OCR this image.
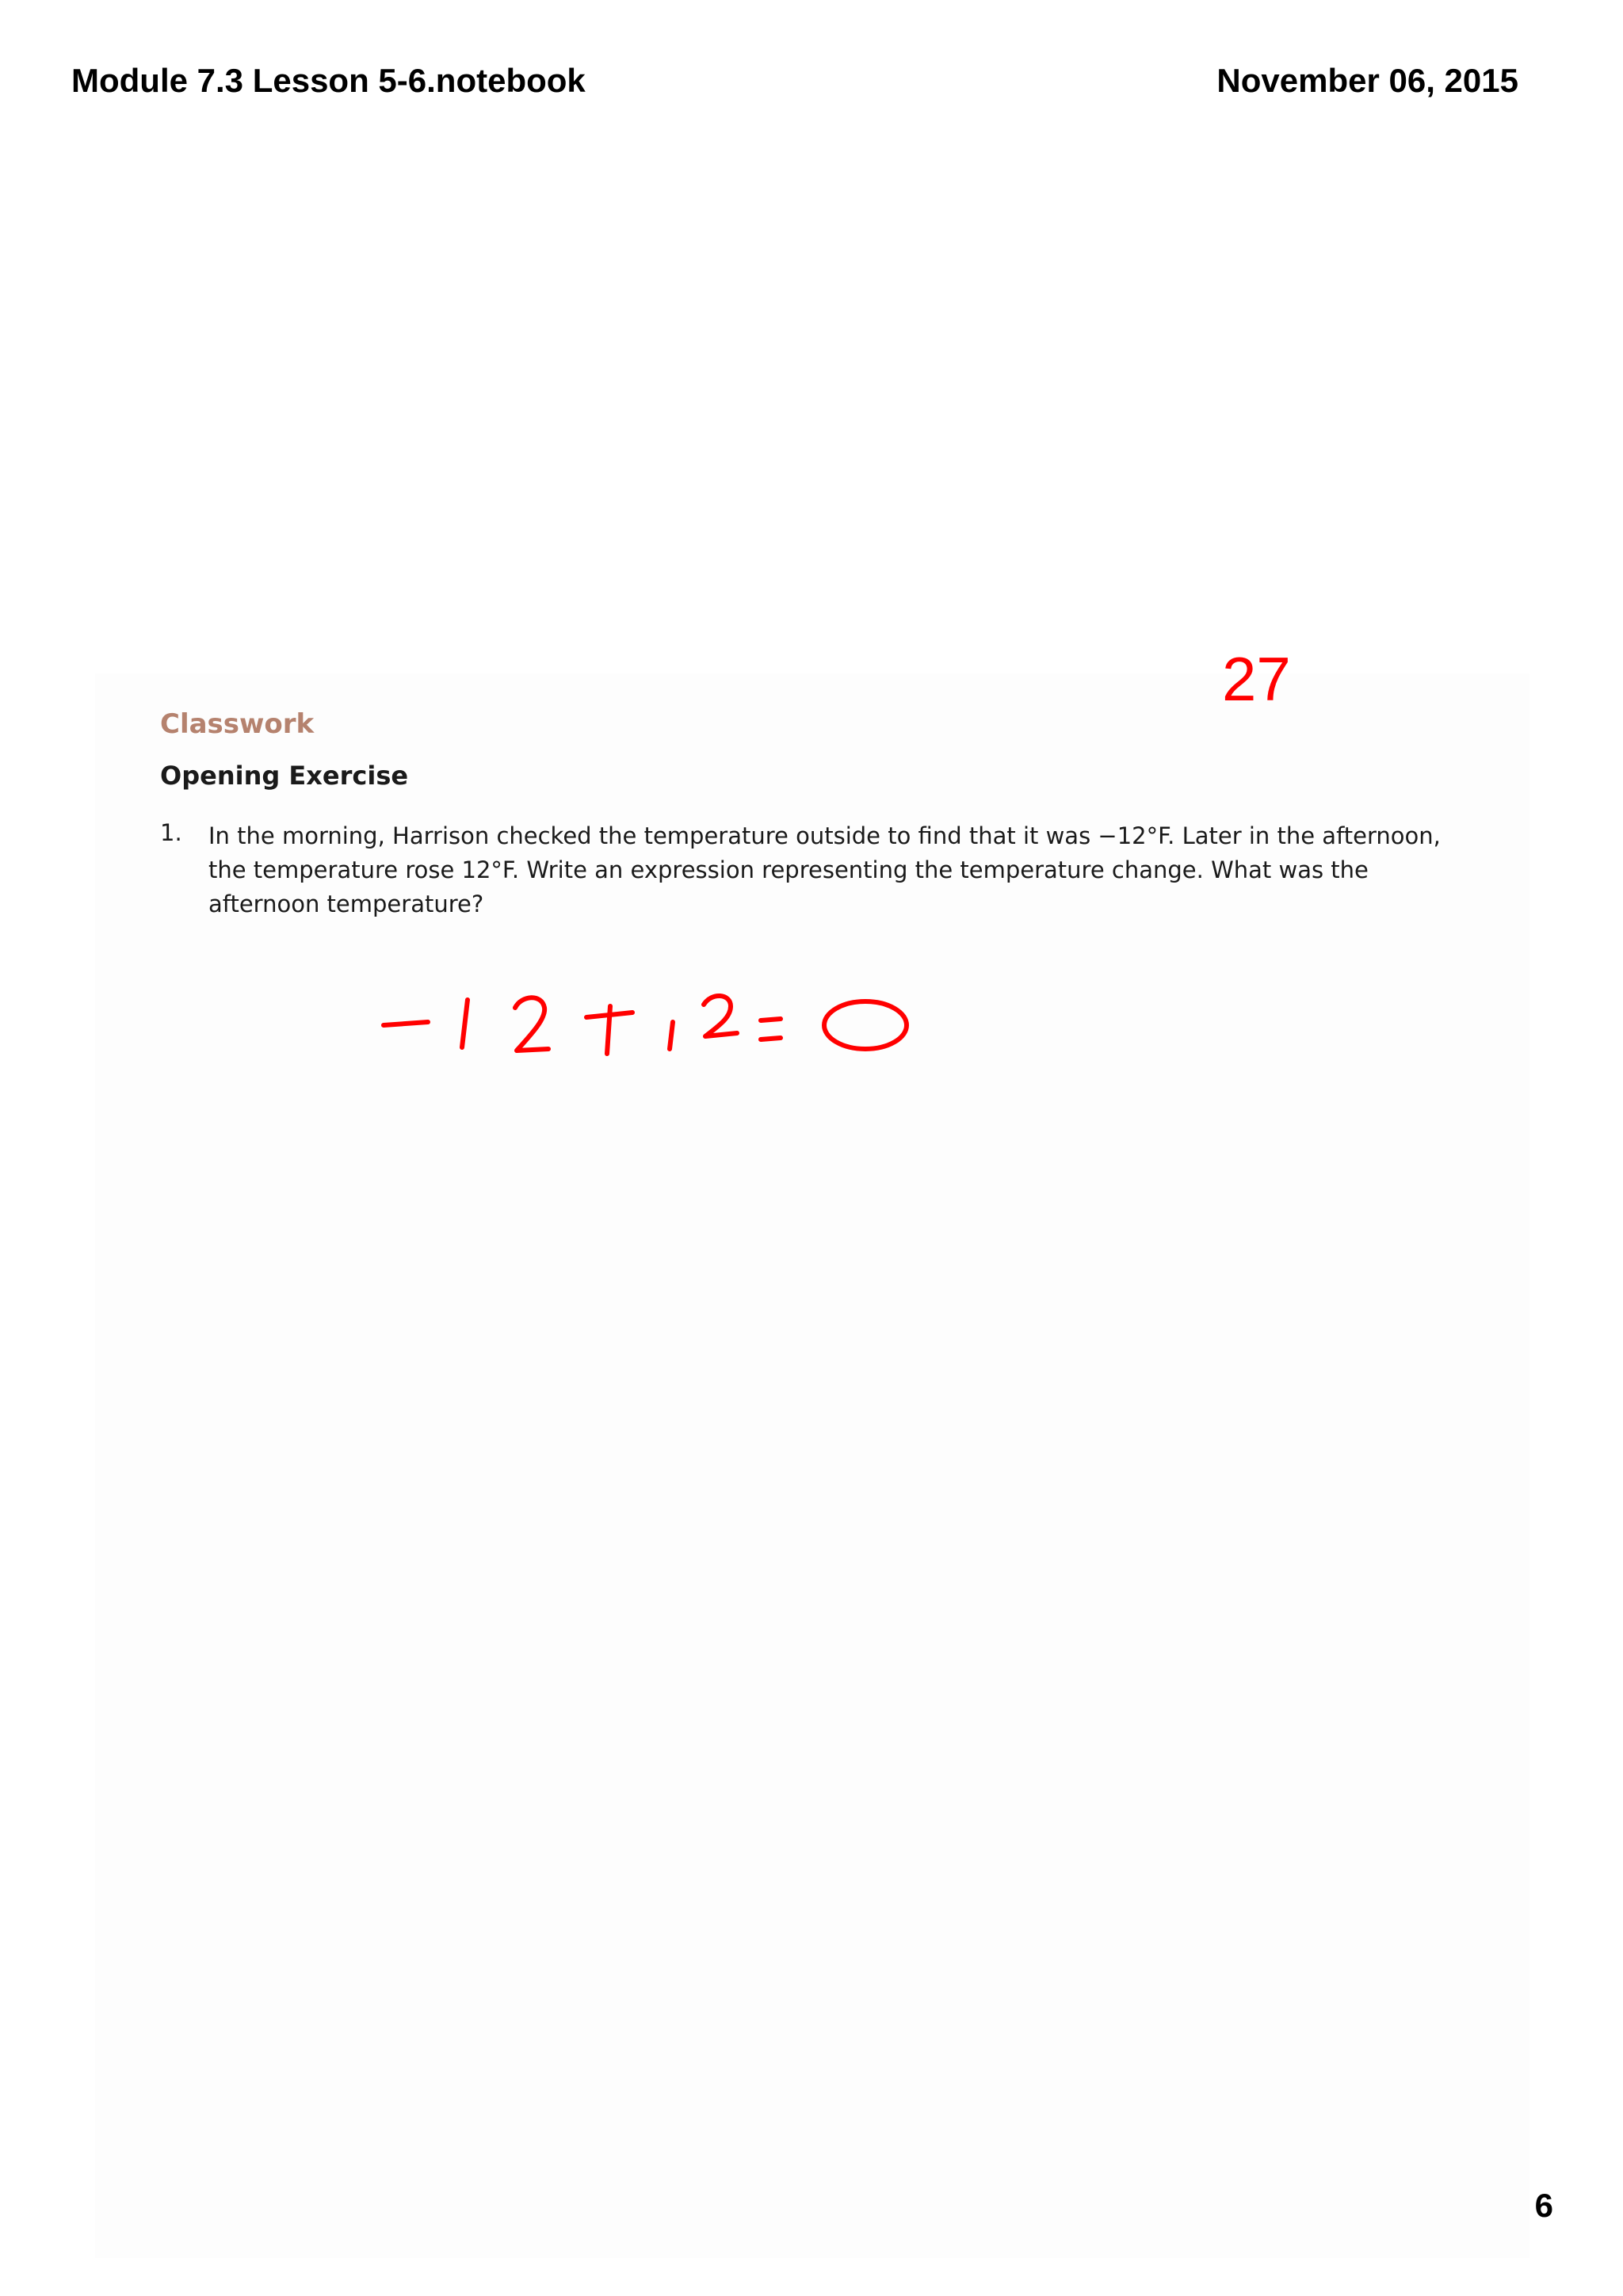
Module 7.3 Lesson 5-6.notebook	November 06, 2015
27
Classwork
Opening Exercise
1. In the morning, Harrison checked the temperature outside to find that it was −12°F. Later in the afternoon, the temperature rose 12°F. Write an expression representing the temperature change. What was the afternoon temperature?
6
